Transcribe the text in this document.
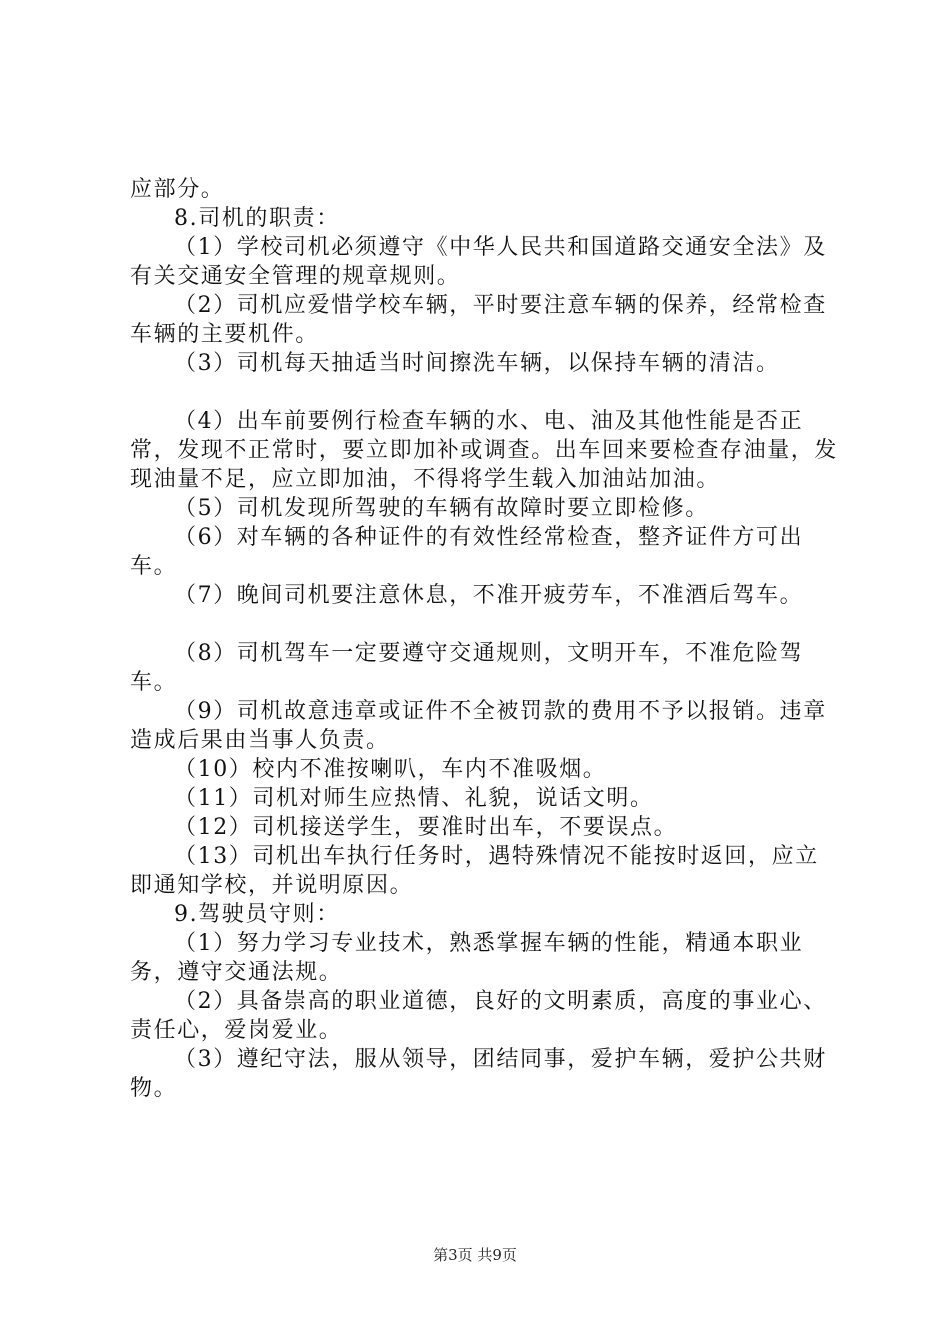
应部分。

8.司机的职责：

（1）学校司机必须遵守《中华人民共和国道路交通安全法》及有关交通安全管理的规章规则。

（2）司机应爱惜学校车辆，平时要注意车辆的保养，经常检查车辆的主要机件。

（3）司机每天抽适当时间擦洗车辆，以保持车辆的清洁。

（4）出车前要例行检查车辆的水、电、油及其他性能是否正常，发现不正常时，要立即加补或调查。出车回来要检查存油量，发现油量不足，应立即加油，不得将学生载入加油站加油。

（5）司机发现所驾驶的车辆有故障时要立即检修。

（6）对车辆的各种证件的有效性经常检查，整齐证件方可出车。

（7）晚间司机要注意休息，不准开疲劳车，不准酒后驾车。

（8）司机驾车一定要遵守交通规则，文明开车，不准危险驾车。

（9）司机故意违章或证件不全被罚款的费用不予以报销。违章造成后果由当事人负责。

（10）校内不准按喇叭，车内不准吸烟。

（11）司机对师生应热情、礼貌，说话文明。

（12）司机接送学生，要准时出车，不要误点。

（13）司机出车执行任务时，遇特殊情况不能按时返回，应立即通知学校，并说明原因。

9.驾驶员守则：

（1）努力学习专业技术，熟悉掌握车辆的性能，精通本职业务，遵守交通法规。

（2）具备崇高的职业道德，良好的文明素质，高度的事业心、责任心，爱岗爱业。

（3）遵纪守法，服从领导，团结同事，爱护车辆，爱护公共财物。

第3页 共9页
